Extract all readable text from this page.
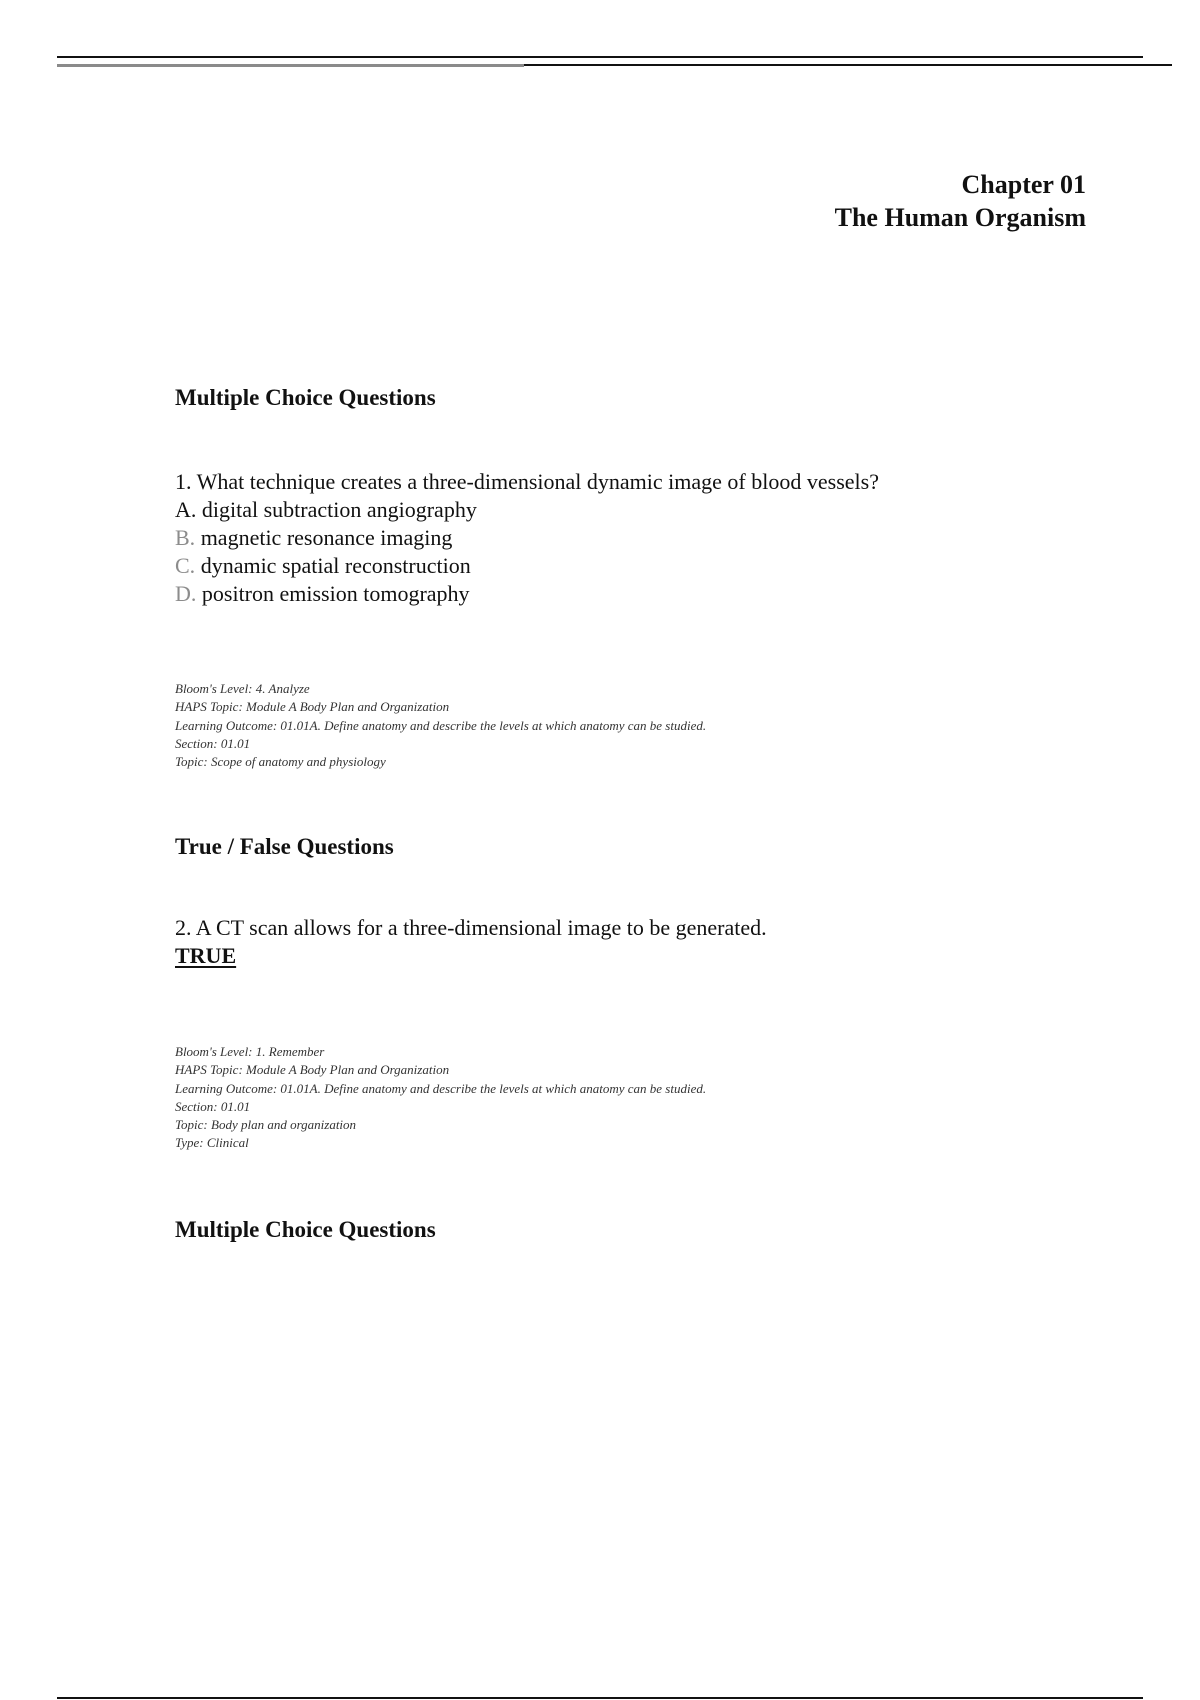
Chapter 01
The Human Organism
Multiple Choice Questions
1. What technique creates a three-dimensional dynamic image of blood vessels?
A. digital subtraction angiography
B. magnetic resonance imaging
C. dynamic spatial reconstruction
D. positron emission tomography
Bloom's Level: 4. Analyze
HAPS Topic: Module A Body Plan and Organization
Learning Outcome: 01.01A. Define anatomy and describe the levels at which anatomy can be studied.
Section: 01.01
Topic: Scope of anatomy and physiology
True / False Questions
2. A CT scan allows for a three-dimensional image to be generated.
TRUE
Bloom's Level: 1. Remember
HAPS Topic: Module A Body Plan and Organization
Learning Outcome: 01.01A. Define anatomy and describe the levels at which anatomy can be studied.
Section: 01.01
Topic: Body plan and organization
Type: Clinical
Multiple Choice Questions
